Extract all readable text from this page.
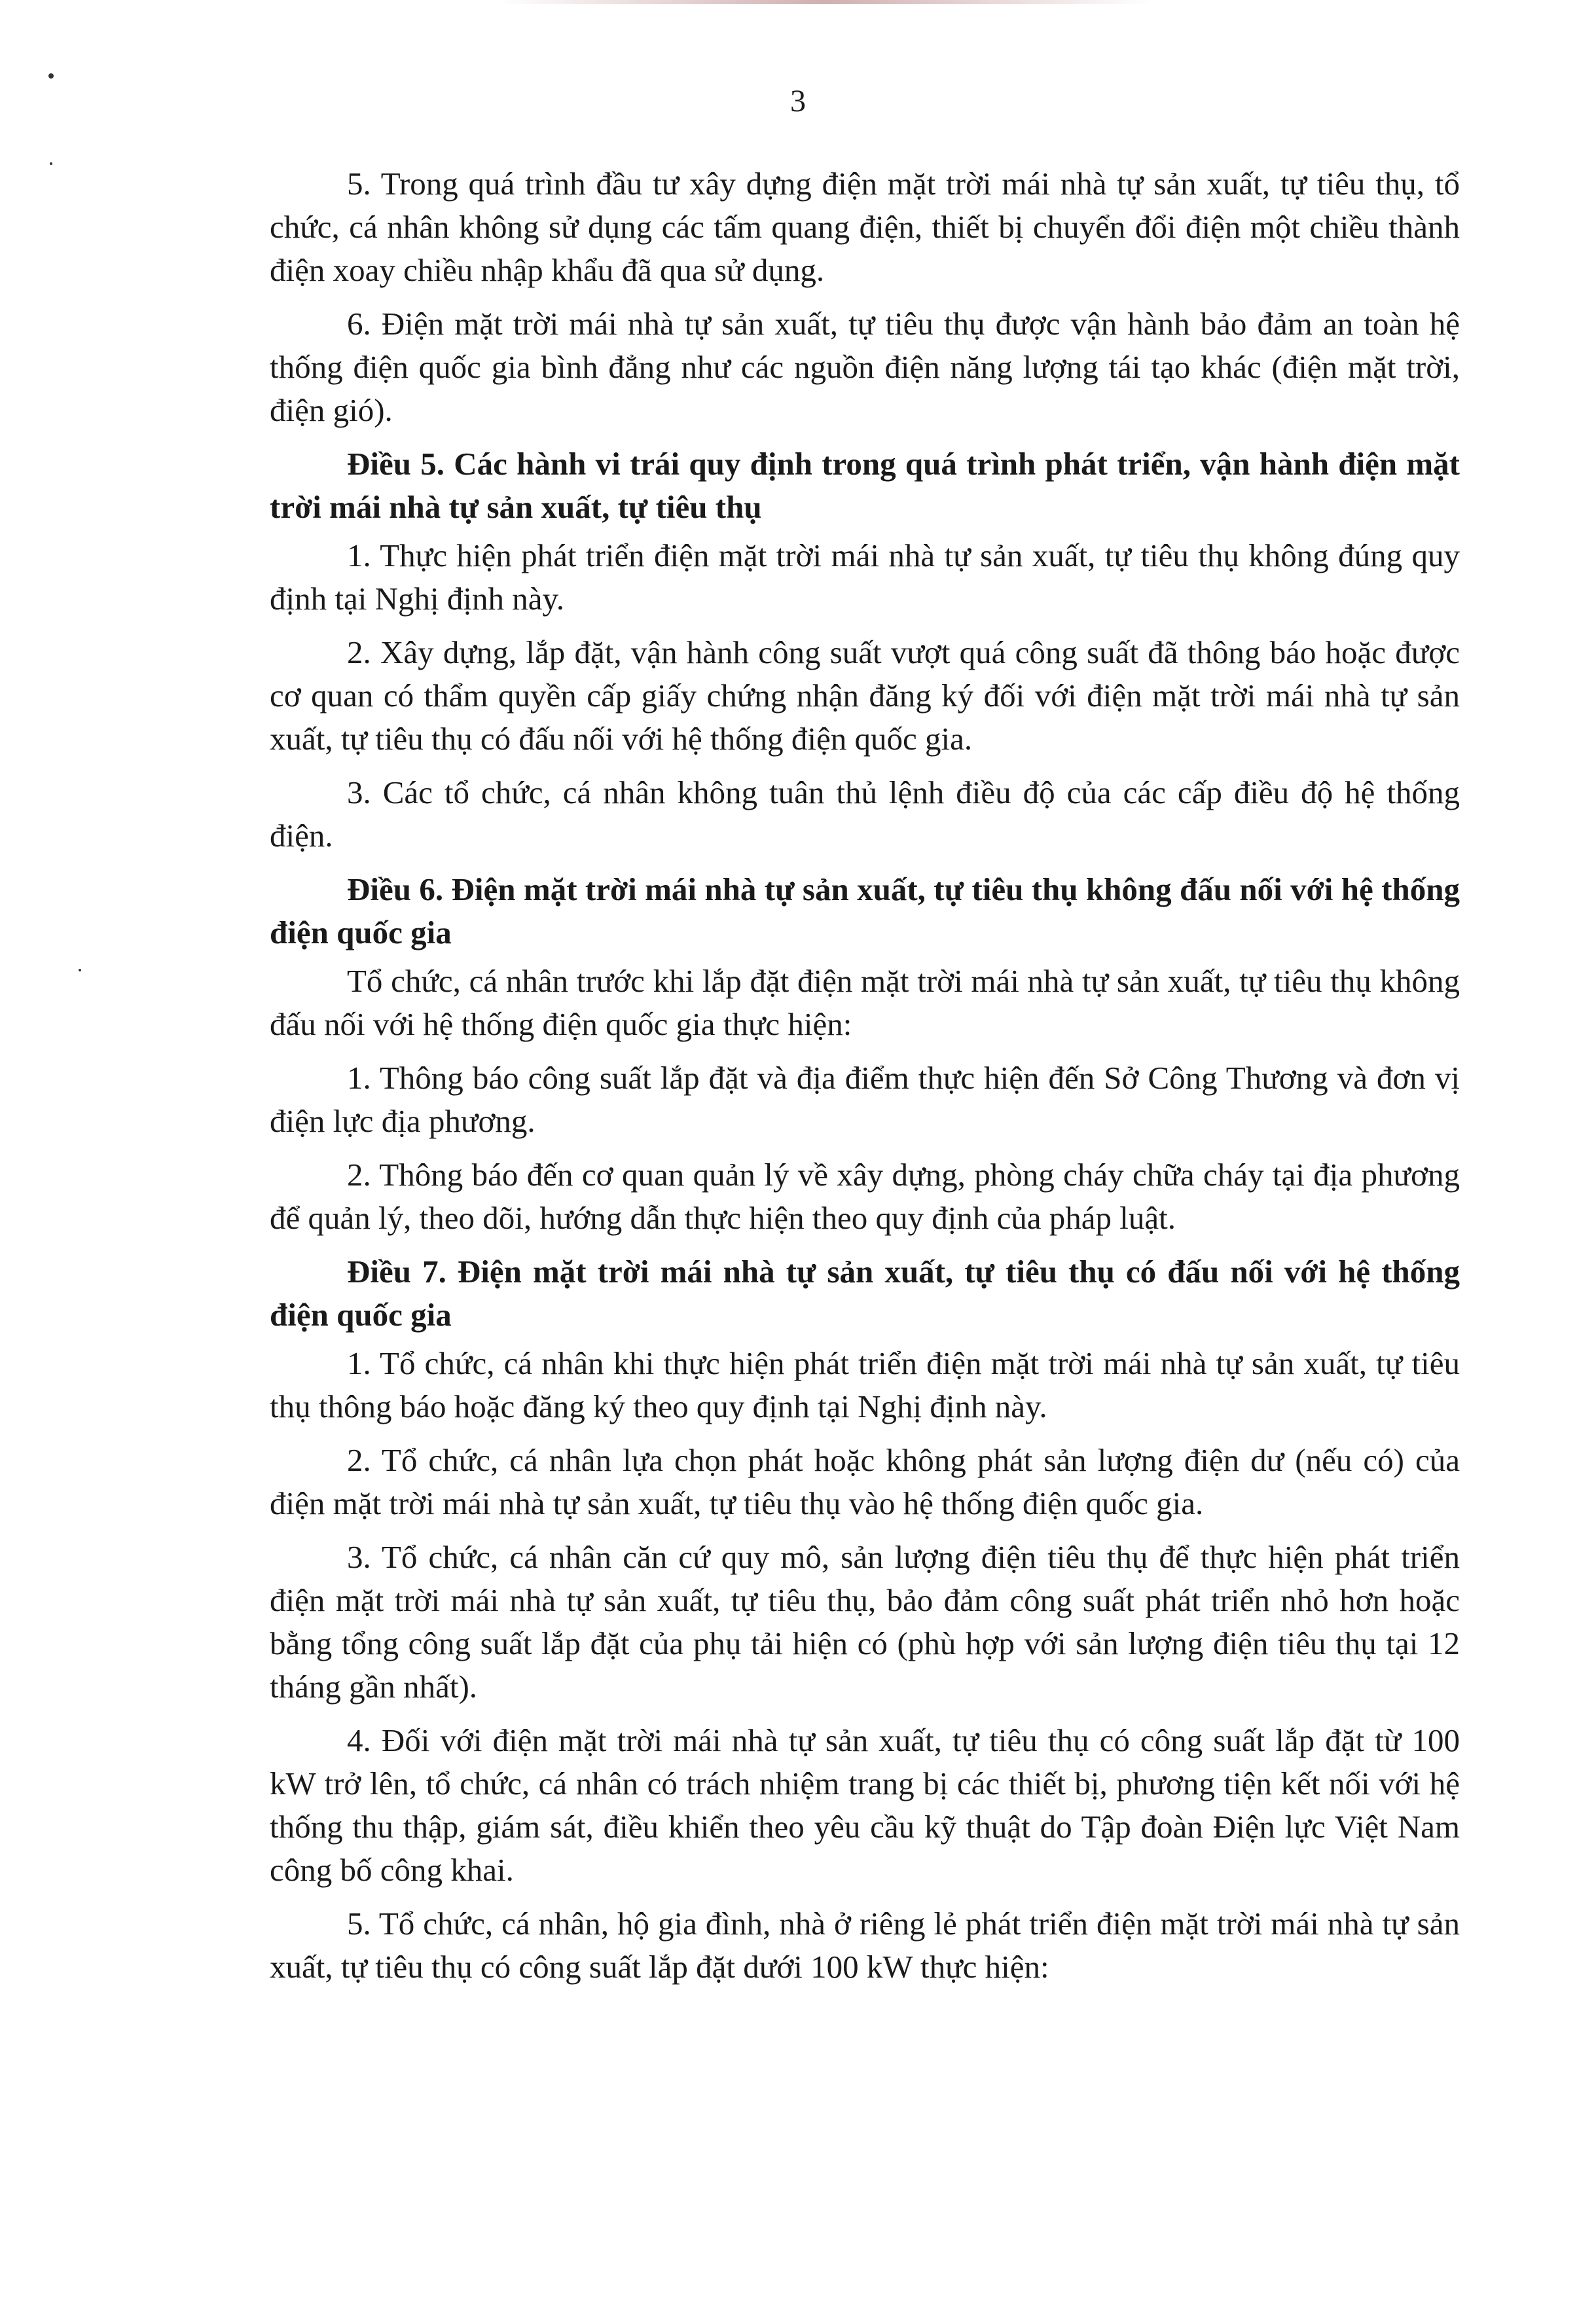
3

5. Trong quá trình đầu tư xây dựng điện mặt trời mái nhà tự sản xuất, tự tiêu thụ, tổ chức, cá nhân không sử dụng các tấm quang điện, thiết bị chuyển đổi điện một chiều thành điện xoay chiều nhập khẩu đã qua sử dụng.

6. Điện mặt trời mái nhà tự sản xuất, tự tiêu thụ được vận hành bảo đảm an toàn hệ thống điện quốc gia bình đẳng như các nguồn điện năng lượng tái tạo khác (điện mặt trời, điện gió).

Điều 5. Các hành vi trái quy định trong quá trình phát triển, vận hành điện mặt trời mái nhà tự sản xuất, tự tiêu thụ

1. Thực hiện phát triển điện mặt trời mái nhà tự sản xuất, tự tiêu thụ không đúng quy định tại Nghị định này.

2. Xây dựng, lắp đặt, vận hành công suất vượt quá công suất đã thông báo hoặc được cơ quan có thẩm quyền cấp giấy chứng nhận đăng ký đối với điện mặt trời mái nhà tự sản xuất, tự tiêu thụ có đấu nối với hệ thống điện quốc gia.

3. Các tổ chức, cá nhân không tuân thủ lệnh điều độ của các cấp điều độ hệ thống điện.

Điều 6. Điện mặt trời mái nhà tự sản xuất, tự tiêu thụ không đấu nối với hệ thống điện quốc gia

Tổ chức, cá nhân trước khi lắp đặt điện mặt trời mái nhà tự sản xuất, tự tiêu thụ không đấu nối với hệ thống điện quốc gia thực hiện:

1. Thông báo công suất lắp đặt và địa điểm thực hiện đến Sở Công Thương và đơn vị điện lực địa phương.

2. Thông báo đến cơ quan quản lý về xây dựng, phòng cháy chữa cháy tại địa phương để quản lý, theo dõi, hướng dẫn thực hiện theo quy định của pháp luật.

Điều 7. Điện mặt trời mái nhà tự sản xuất, tự tiêu thụ có đấu nối với hệ thống điện quốc gia

1. Tổ chức, cá nhân khi thực hiện phát triển điện mặt trời mái nhà tự sản xuất, tự tiêu thụ thông báo hoặc đăng ký theo quy định tại Nghị định này.

2. Tổ chức, cá nhân lựa chọn phát hoặc không phát sản lượng điện dư (nếu có) của điện mặt trời mái nhà tự sản xuất, tự tiêu thụ vào hệ thống điện quốc gia.

3. Tổ chức, cá nhân căn cứ quy mô, sản lượng điện tiêu thụ để thực hiện phát triển điện mặt trời mái nhà tự sản xuất, tự tiêu thụ, bảo đảm công suất phát triển nhỏ hơn hoặc bằng tổng công suất lắp đặt của phụ tải hiện có (phù hợp với sản lượng điện tiêu thụ tại 12 tháng gần nhất).

4. Đối với điện mặt trời mái nhà tự sản xuất, tự tiêu thụ có công suất lắp đặt từ 100 kW trở lên, tổ chức, cá nhân có trách nhiệm trang bị các thiết bị, phương tiện kết nối với hệ thống thu thập, giám sát, điều khiển theo yêu cầu kỹ thuật do Tập đoàn Điện lực Việt Nam công bố công khai.

5. Tổ chức, cá nhân, hộ gia đình, nhà ở riêng lẻ phát triển điện mặt trời mái nhà tự sản xuất, tự tiêu thụ có công suất lắp đặt dưới 100 kW thực hiện:
